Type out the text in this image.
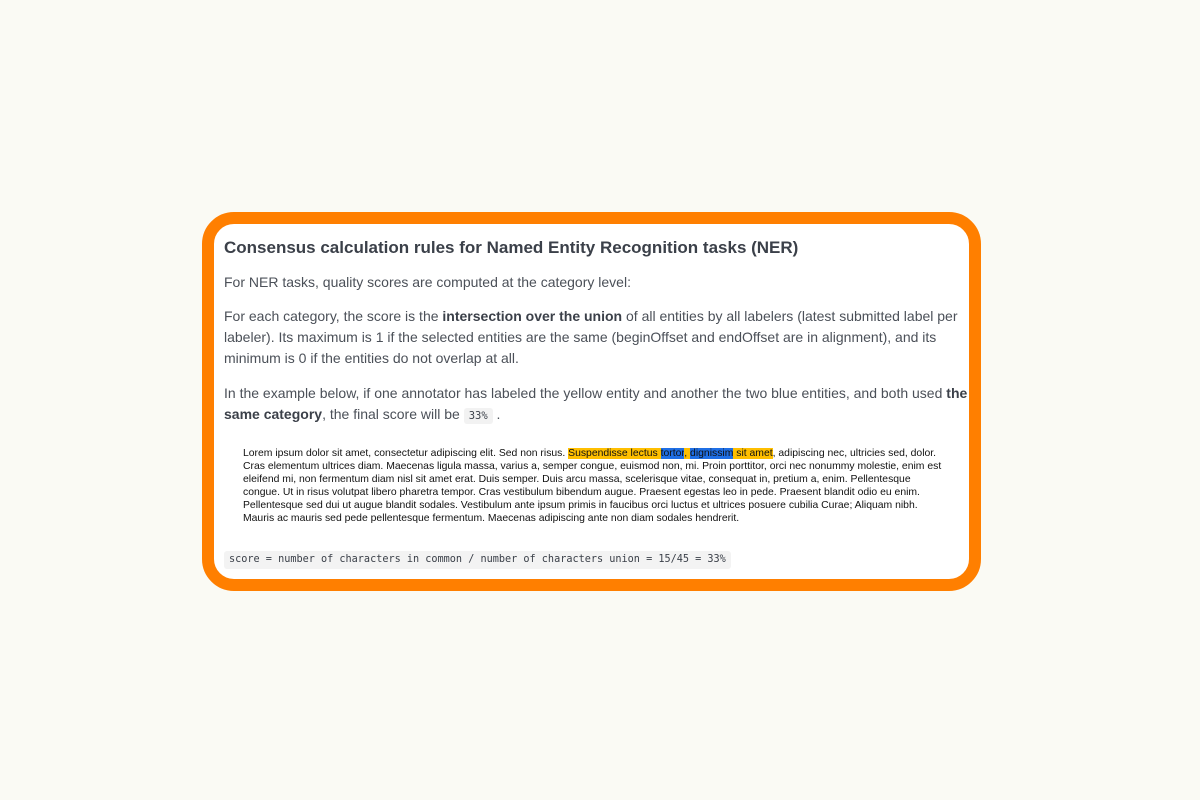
Consensus calculation rules for Named Entity Recognition tasks (NER)

For NER tasks, quality scores are computed at the category level:

For each category, the score is the intersection over the union of all entities by all labelers (latest submitted label per labeler). Its maximum is 1 if the selected entities are the same (beginOffset and endOffset are in alignment), and its minimum is 0 if the entities do not overlap at all.

In the example below, if one annotator has labeled the yellow entity and another the two blue entities, and both used the same category, the final score will be 33% .

Lorem ipsum dolor sit amet, consectetur adipiscing elit. Sed non risus. Suspendisse lectus tortor, dignissim sit amet, adipiscing nec, ultricies sed, dolor. Cras elementum ultrices diam. Maecenas ligula massa, varius a, semper congue, euismod non, mi. Proin porttitor, orci nec nonummy molestie, enim est eleifend mi, non fermentum diam nisl sit amet erat. Duis semper. Duis arcu massa, scelerisque vitae, consequat in, pretium a, enim. Pellentesque congue. Ut in risus volutpat libero pharetra tempor. Cras vestibulum bibendum augue. Praesent egestas leo in pede. Praesent blandit odio eu enim. Pellentesque sed dui ut augue blandit sodales. Vestibulum ante ipsum primis in faucibus orci luctus et ultrices posuere cubilia Curae; Aliquam nibh. Mauris ac mauris sed pede pellentesque fermentum. Maecenas adipiscing ante non diam sodales hendrerit.

score = number of characters in common / number of characters union = 15/45 = 33%
